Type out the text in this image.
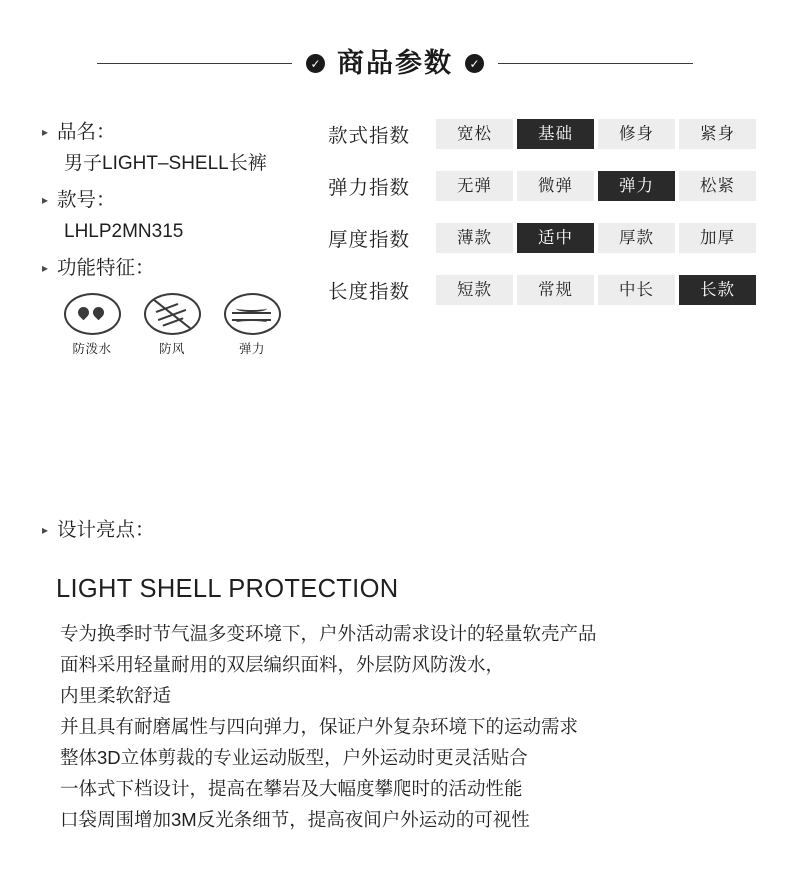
✓ 商品参数	✓
▸ 品名：
男子LIGHT–SHELL长裤
▸ 款号：
LHLP2MN315
▸ 功能特征：
防泼水	防风	弹力
款式指数	宽松	基础	修身	紧身
弹力指数	无弹	微弹	弹力	松紧
厚度指数	薄款	适中	厚款	加厚
长度指数	短款	常规	中长	长款
▸ 设计亮点：
LIGHT SHELL PROTECTION
专为换季时节气温多变环境下，户外活动需求设计的轻量软壳产品
面料采用轻量耐用的双层编织面料，外层防风防泼水，
内里柔软舒适
并且具有耐磨属性与四向弹力，保证户外复杂环境下的运动需求
整体3D立体剪裁的专业运动版型，户外运动时更灵活贴合
一体式下档设计，提高在攀岩及大幅度攀爬时的活动性能
口袋周围增加3M反光条细节，提高夜间户外运动的可视性
